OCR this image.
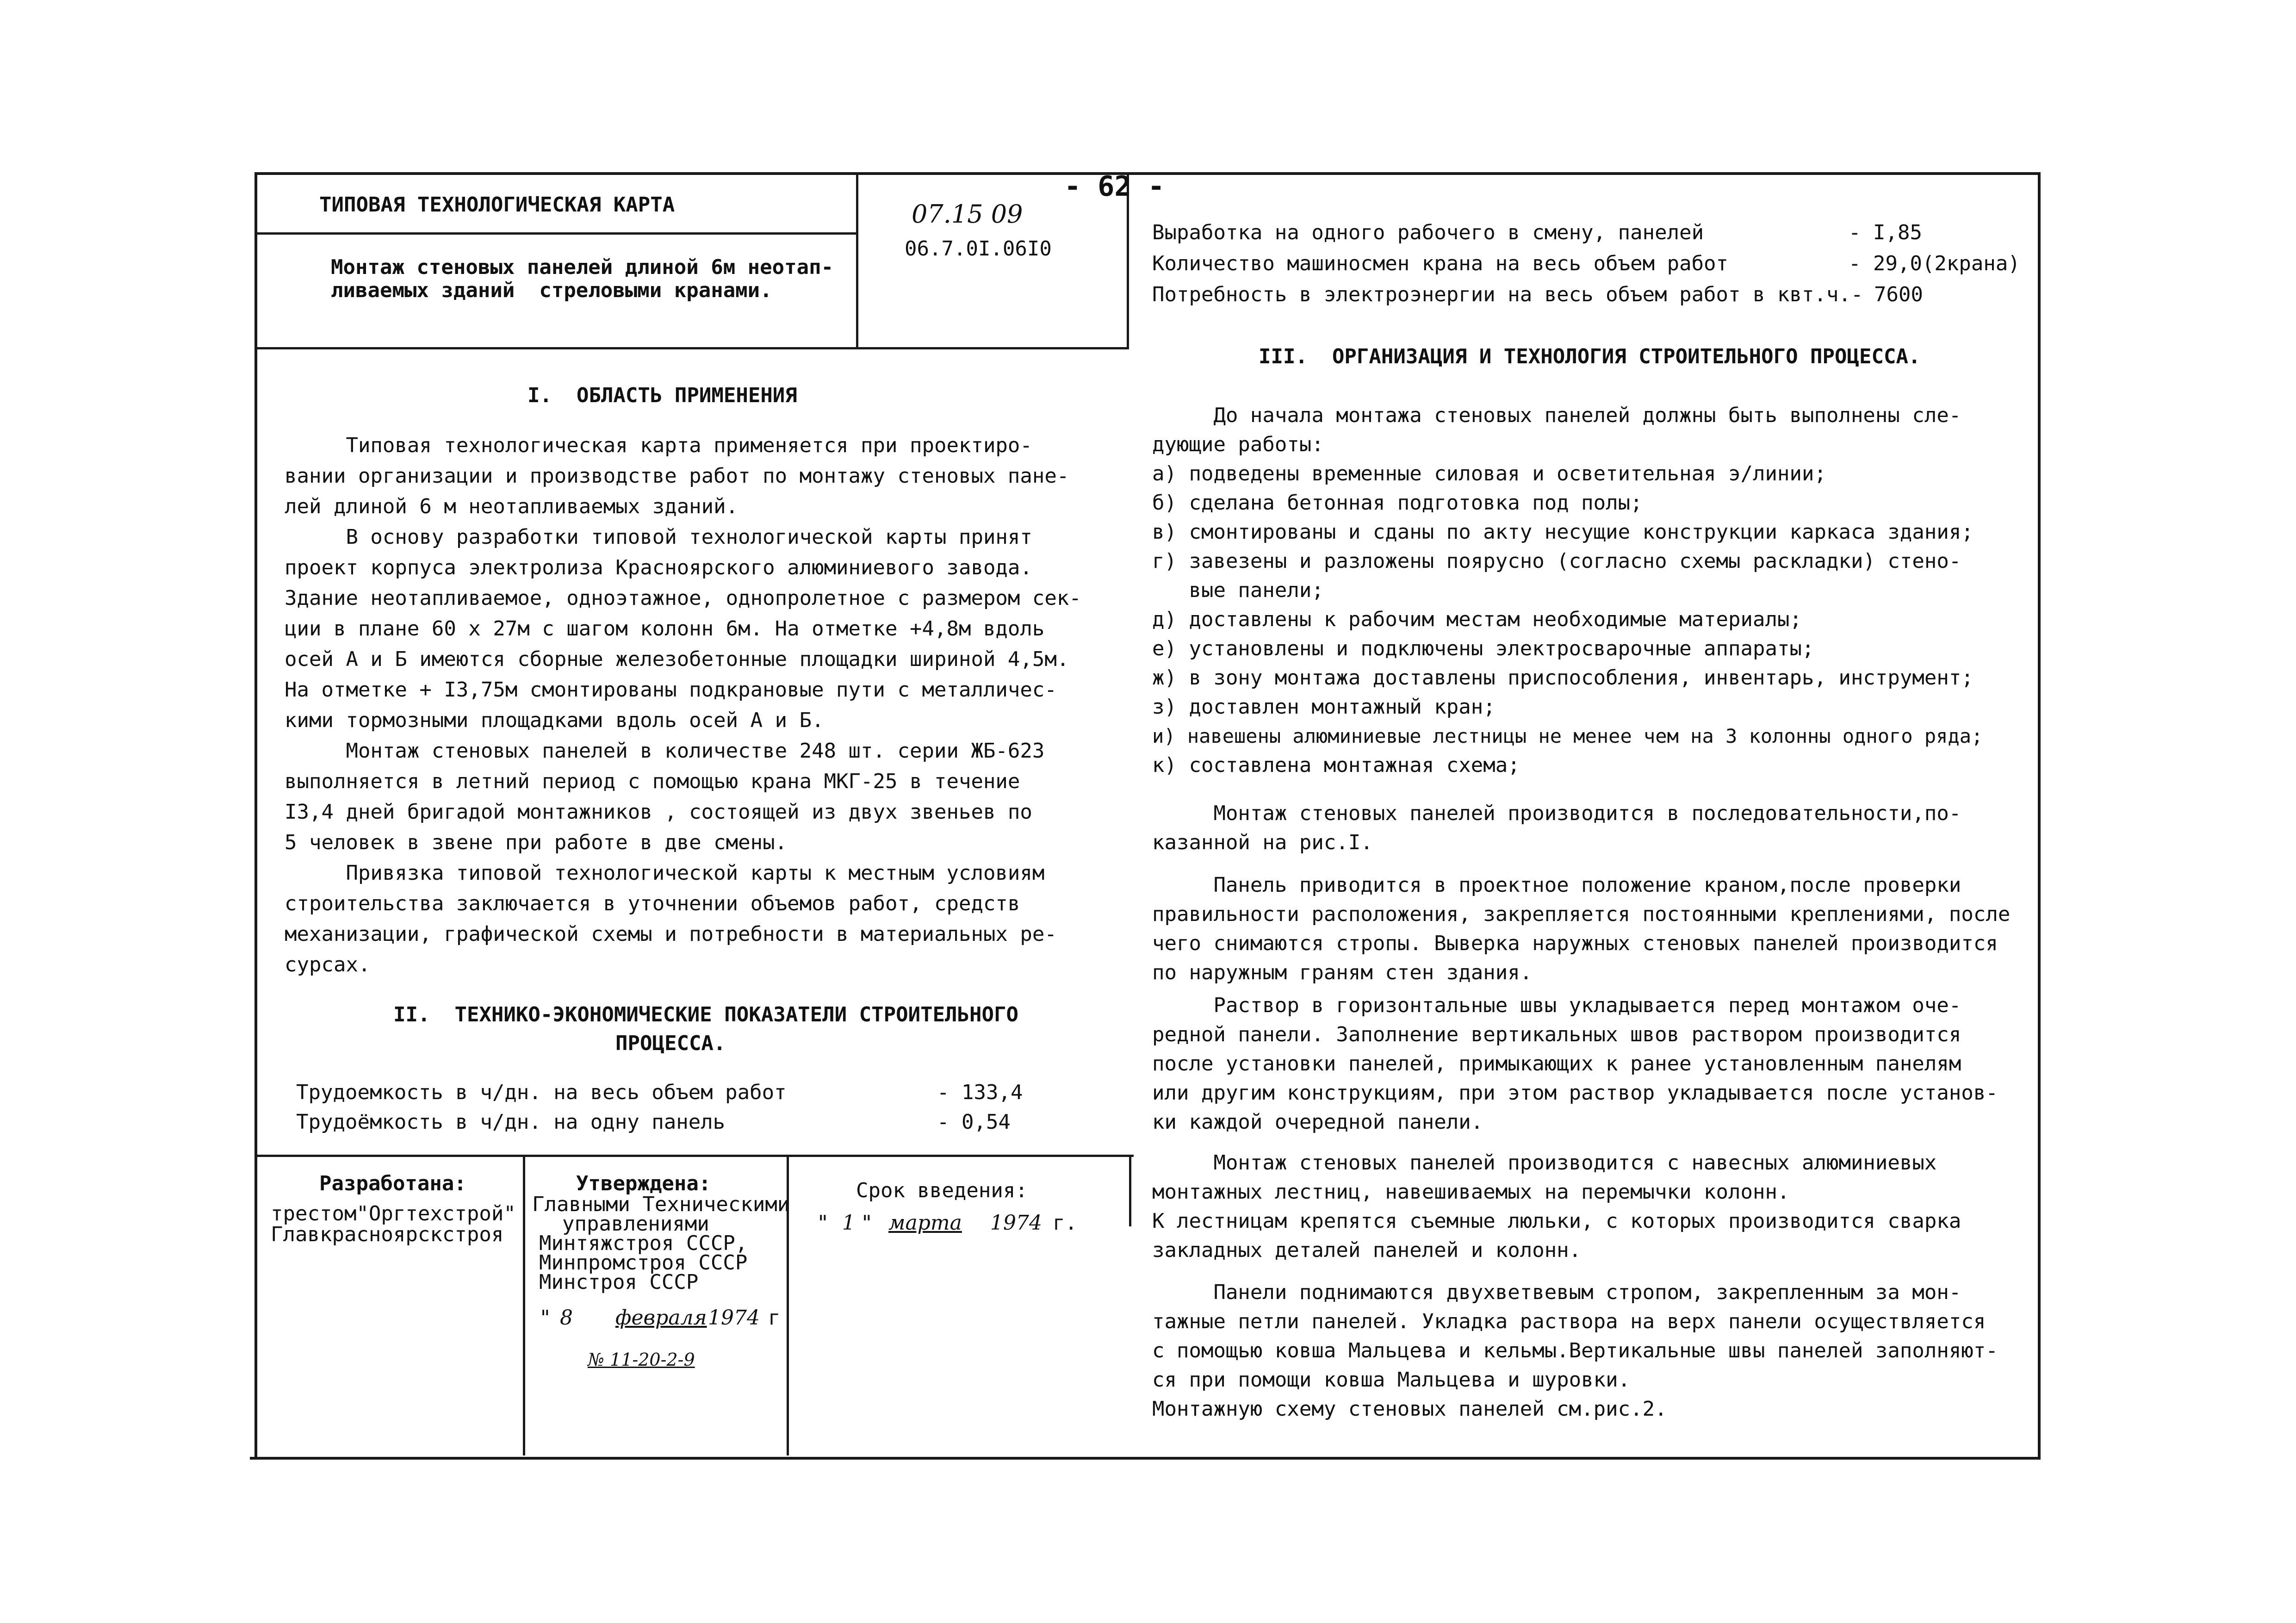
- 62 -
ТИПОВАЯ ТЕХНОЛОГИЧЕСКАЯ КАРТА	07.15 09
06.7.0I.06I0
Монтаж стеновых панелей длиной 6м неотап-
ливаемых зданий  стреловыми кранами.
Выработка на одного рабочего в смену, панелей	- I,85
Количество машиносмен крана на весь объем работ	- 29,0(2крана)
Потребность в электроэнергии на весь объем работ в квт.ч.- 7600
I.  ОБЛАСТЬ ПРИМЕНЕНИЯ
Типовая технологическая карта применяется при проектиро-
вании организации и производстве работ по монтажу стеновых пане-
лей длиной 6 м неотапливаемых зданий.
В основу разработки типовой технологической карты принят
проект корпуса электролиза Красноярского алюминиевого завода.
Здание неотапливаемое, одноэтажное, однопролетное с размером сек-
ции в плане 60 х 27м с шагом колонн 6м. На отметке +4,8м вдоль
осей А и Б имеются сборные железобетонные площадки шириной 4,5м.
На отметке + I3,75м смонтированы подкрановые пути с металличес-
кими тормозными площадками вдоль осей А и Б.
Монтаж стеновых панелей в количестве 248 шт. серии ЖБ-623
выполняется в летний период с помощью крана МКГ-25 в течение
I3,4 дней бригадой монтажников , состоящей из двух звеньев по
5 человек в звене при работе в две смены.
Привязка типовой технологической карты к местным условиям
строительства заключается в уточнении объемов работ, средств
механизации, графической схемы и потребности в материальных ре-
сурсах.
II.  ТЕХНИКО-ЭКОНОМИЧЕСКИЕ ПОКАЗАТЕЛИ СТРОИТЕЛЬНОГО
ПРОЦЕССА.
Трудоемкость в ч/дн. на весь объем работ	- 133,4
Трудоёмкость в ч/дн. на одну панель	- 0,54
Разработана:
трестом"Оргтехстрой"
Главкрасноярскстроя
Утверждена:
Главными Техническими
управлениями
Минтяжстроя СССР,
Минпромстроя СССР
Минстроя СССР
"
8 февраля 1974 г
№ 11-20-2-9
Срок введения:
" 1 " марта 1974 г.
III.  ОРГАНИЗАЦИЯ И ТЕХНОЛОГИЯ СТРОИТЕЛЬНОГО ПРОЦЕССА.
До начала монтажа стеновых панелей должны быть выполнены сле-
дующие работы:
а) подведены временные силовая и осветительная э/линии;
б) сделана бетонная подготовка под полы;
в) смонтированы и сданы по акту несущие конструкции каркаса здания;
г) завезены и разложены поярусно (согласно схемы раскладки) стено-
вые панели;
д) доставлены к рабочим местам необходимые материалы;
е) установлены и подключены электросварочные аппараты;
ж) в зону монтажа доставлены приспособления, инвентарь, инструмент;
з) доставлен монтажный кран;
и) навешены алюминиевые лестницы не менее чем на 3 колонны одного ряда;
к) составлена монтажная схема;
Монтаж стеновых панелей производится в последовательности,по-
казанной на рис.I.
Панель приводится в проектное положение краном,после проверки
правильности расположения, закрепляется постоянными креплениями, после
чего снимаются стропы. Выверка наружных стеновых панелей производится
по наружным граням стен здания.
Раствор в горизонтальные швы укладывается перед монтажом оче-
редной панели. Заполнение вертикальных швов раствором производится
после установки панелей, примыкающих к ранее установленным панелям
или другим конструкциям, при этом раствор укладывается после установ-
ки каждой очередной панели.
Монтаж стеновых панелей производится с навесных алюминиевых
монтажных лестниц, навешиваемых на перемычки колонн.
К лестницам крепятся съемные люльки, с которых производится сварка
закладных деталей панелей и колонн.
Панели поднимаются двухветвевым стропом, закрепленным за мон-
тажные петли панелей. Укладка раствора на верх панели осуществляется
с помощью ковша Мальцева и кельмы.Вертикальные швы панелей заполняют-
ся при помощи ковша Мальцева и шуровки.
Монтажную схему стеновых панелей см.рис.2.
